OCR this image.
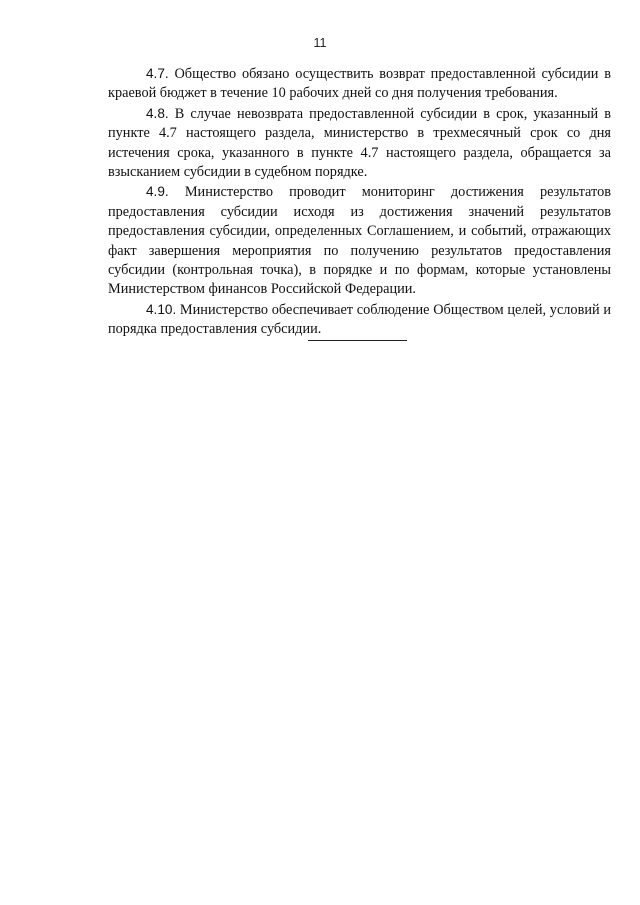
11

4.7. Общество обязано осуществить возврат предоставленной субсидии в краевой бюджет в течение 10 рабочих дней со дня получения требования.

4.8. В случае невозврата предоставленной субсидии в срок, указанный в пункте 4.7 настоящего раздела, министерство в трехмесячный срок со дня истечения срока, указанного в пункте 4.7 настоящего раздела, обращается за взысканием субсидии в судебном порядке.

4.9. Министерство проводит мониторинг достижения результатов предоставления субсидии исходя из достижения значений результатов предоставления субсидии, определенных Соглашением, и событий, отражающих факт завершения мероприятия по получению результатов предоставления субсидии (контрольная точка), в порядке и по формам, которые установлены Министерством финансов Российской Федерации.

4.10. Министерство обеспечивает соблюдение Обществом целей, условий и порядка предоставления субсидии.
